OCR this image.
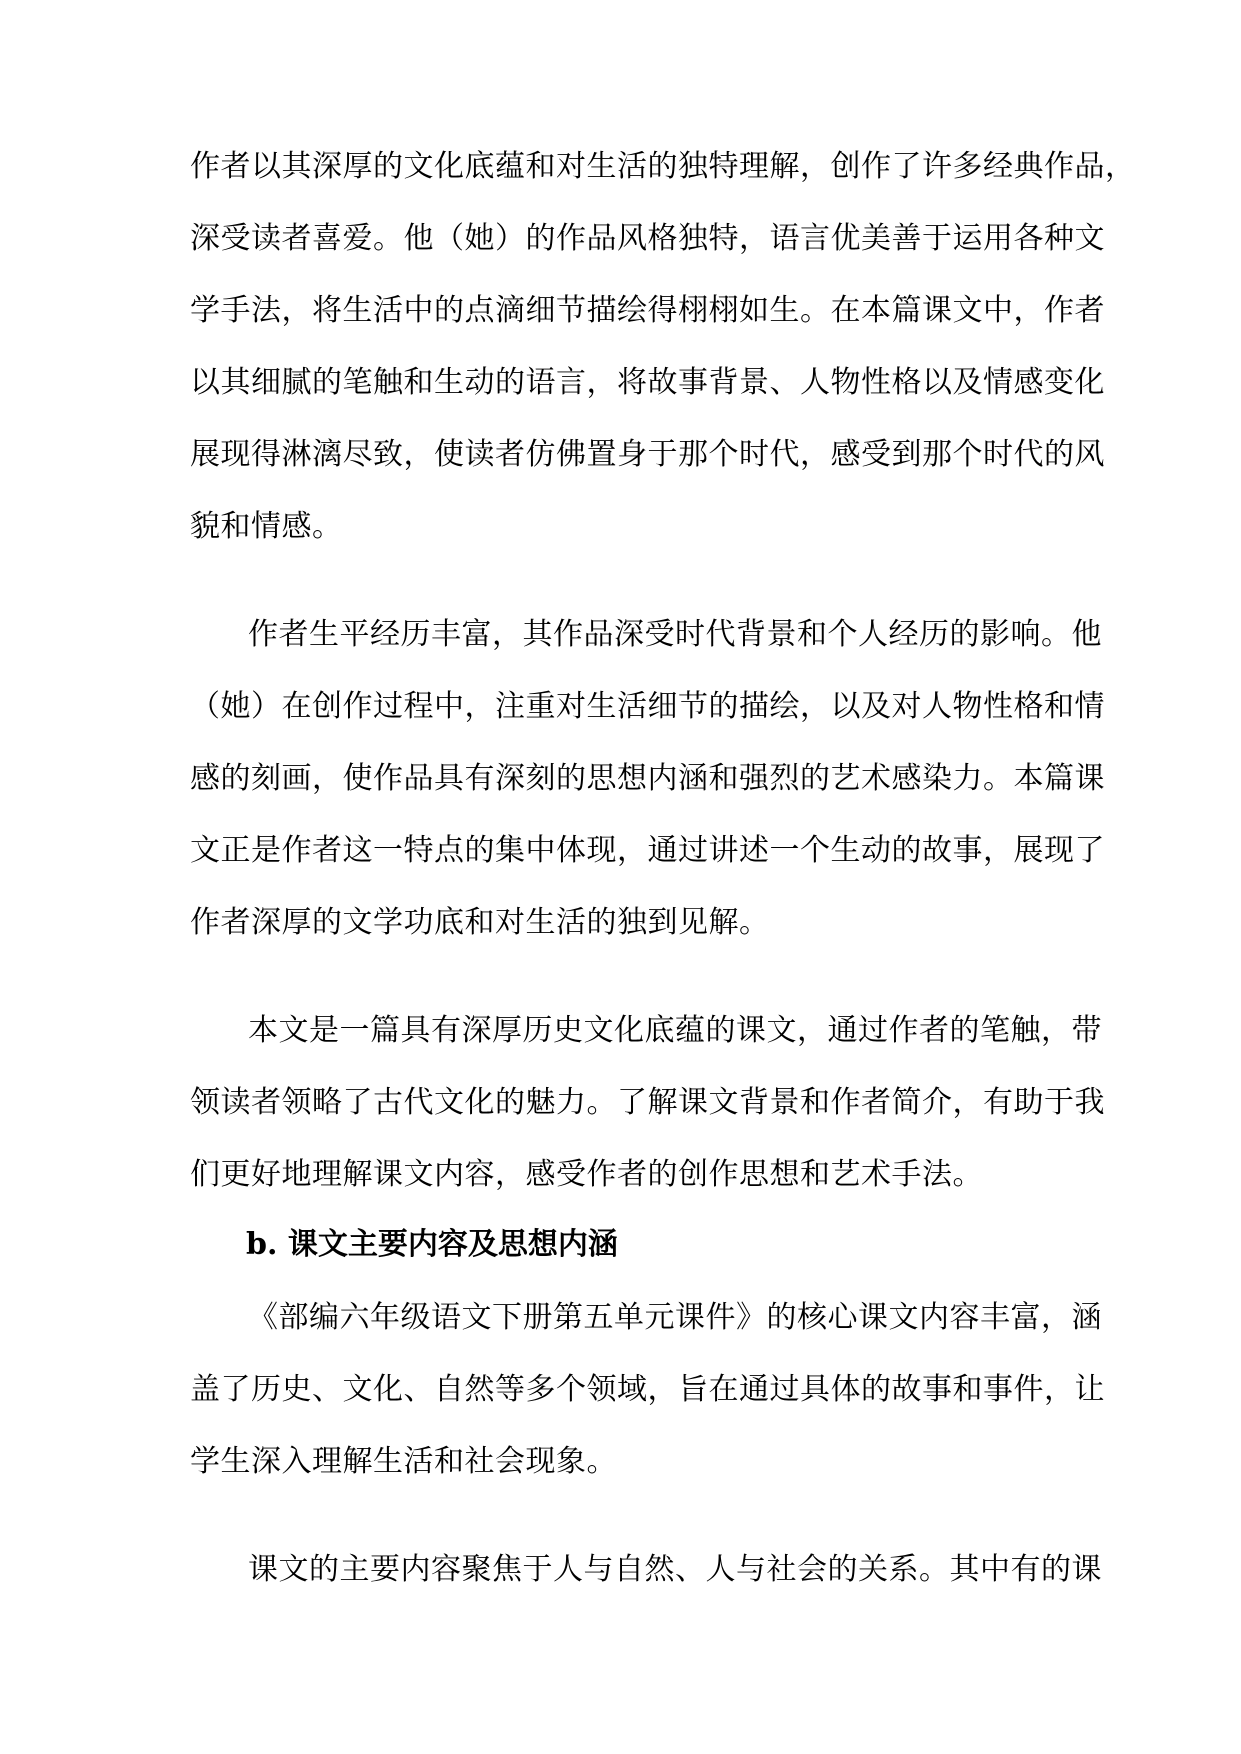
作者以其深厚的文化底蕴和对生活的独特理解，创作了许多经典作品，
深受读者喜爱。他（她）的作品风格独特，语言优美善于运用各种文
学手法，将生活中的点滴细节描绘得栩栩如生。在本篇课文中，作者
以其细腻的笔触和生动的语言，将故事背景、人物性格以及情感变化
展现得淋漓尽致，使读者仿佛置身于那个时代，感受到那个时代的风
貌和情感。
作者生平经历丰富，其作品深受时代背景和个人经历的影响。他
（她）在创作过程中，注重对生活细节的描绘，以及对人物性格和情
感的刻画，使作品具有深刻的思想内涵和强烈的艺术感染力。本篇课
文正是作者这一特点的集中体现，通过讲述一个生动的故事，展现了
作者深厚的文学功底和对生活的独到见解。
本文是一篇具有深厚历史文化底蕴的课文，通过作者的笔触，带
领读者领略了古代文化的魅力。了解课文背景和作者简介，有助于我
们更好地理解课文内容，感受作者的创作思想和艺术手法。
b. 课文主要内容及思想内涵
《部编六年级语文下册第五单元课件》的核心课文内容丰富，涵
盖了历史、文化、自然等多个领域，旨在通过具体的故事和事件，让
学生深入理解生活和社会现象。
课文的主要内容聚焦于人与自然、人与社会的关系。其中有的课
